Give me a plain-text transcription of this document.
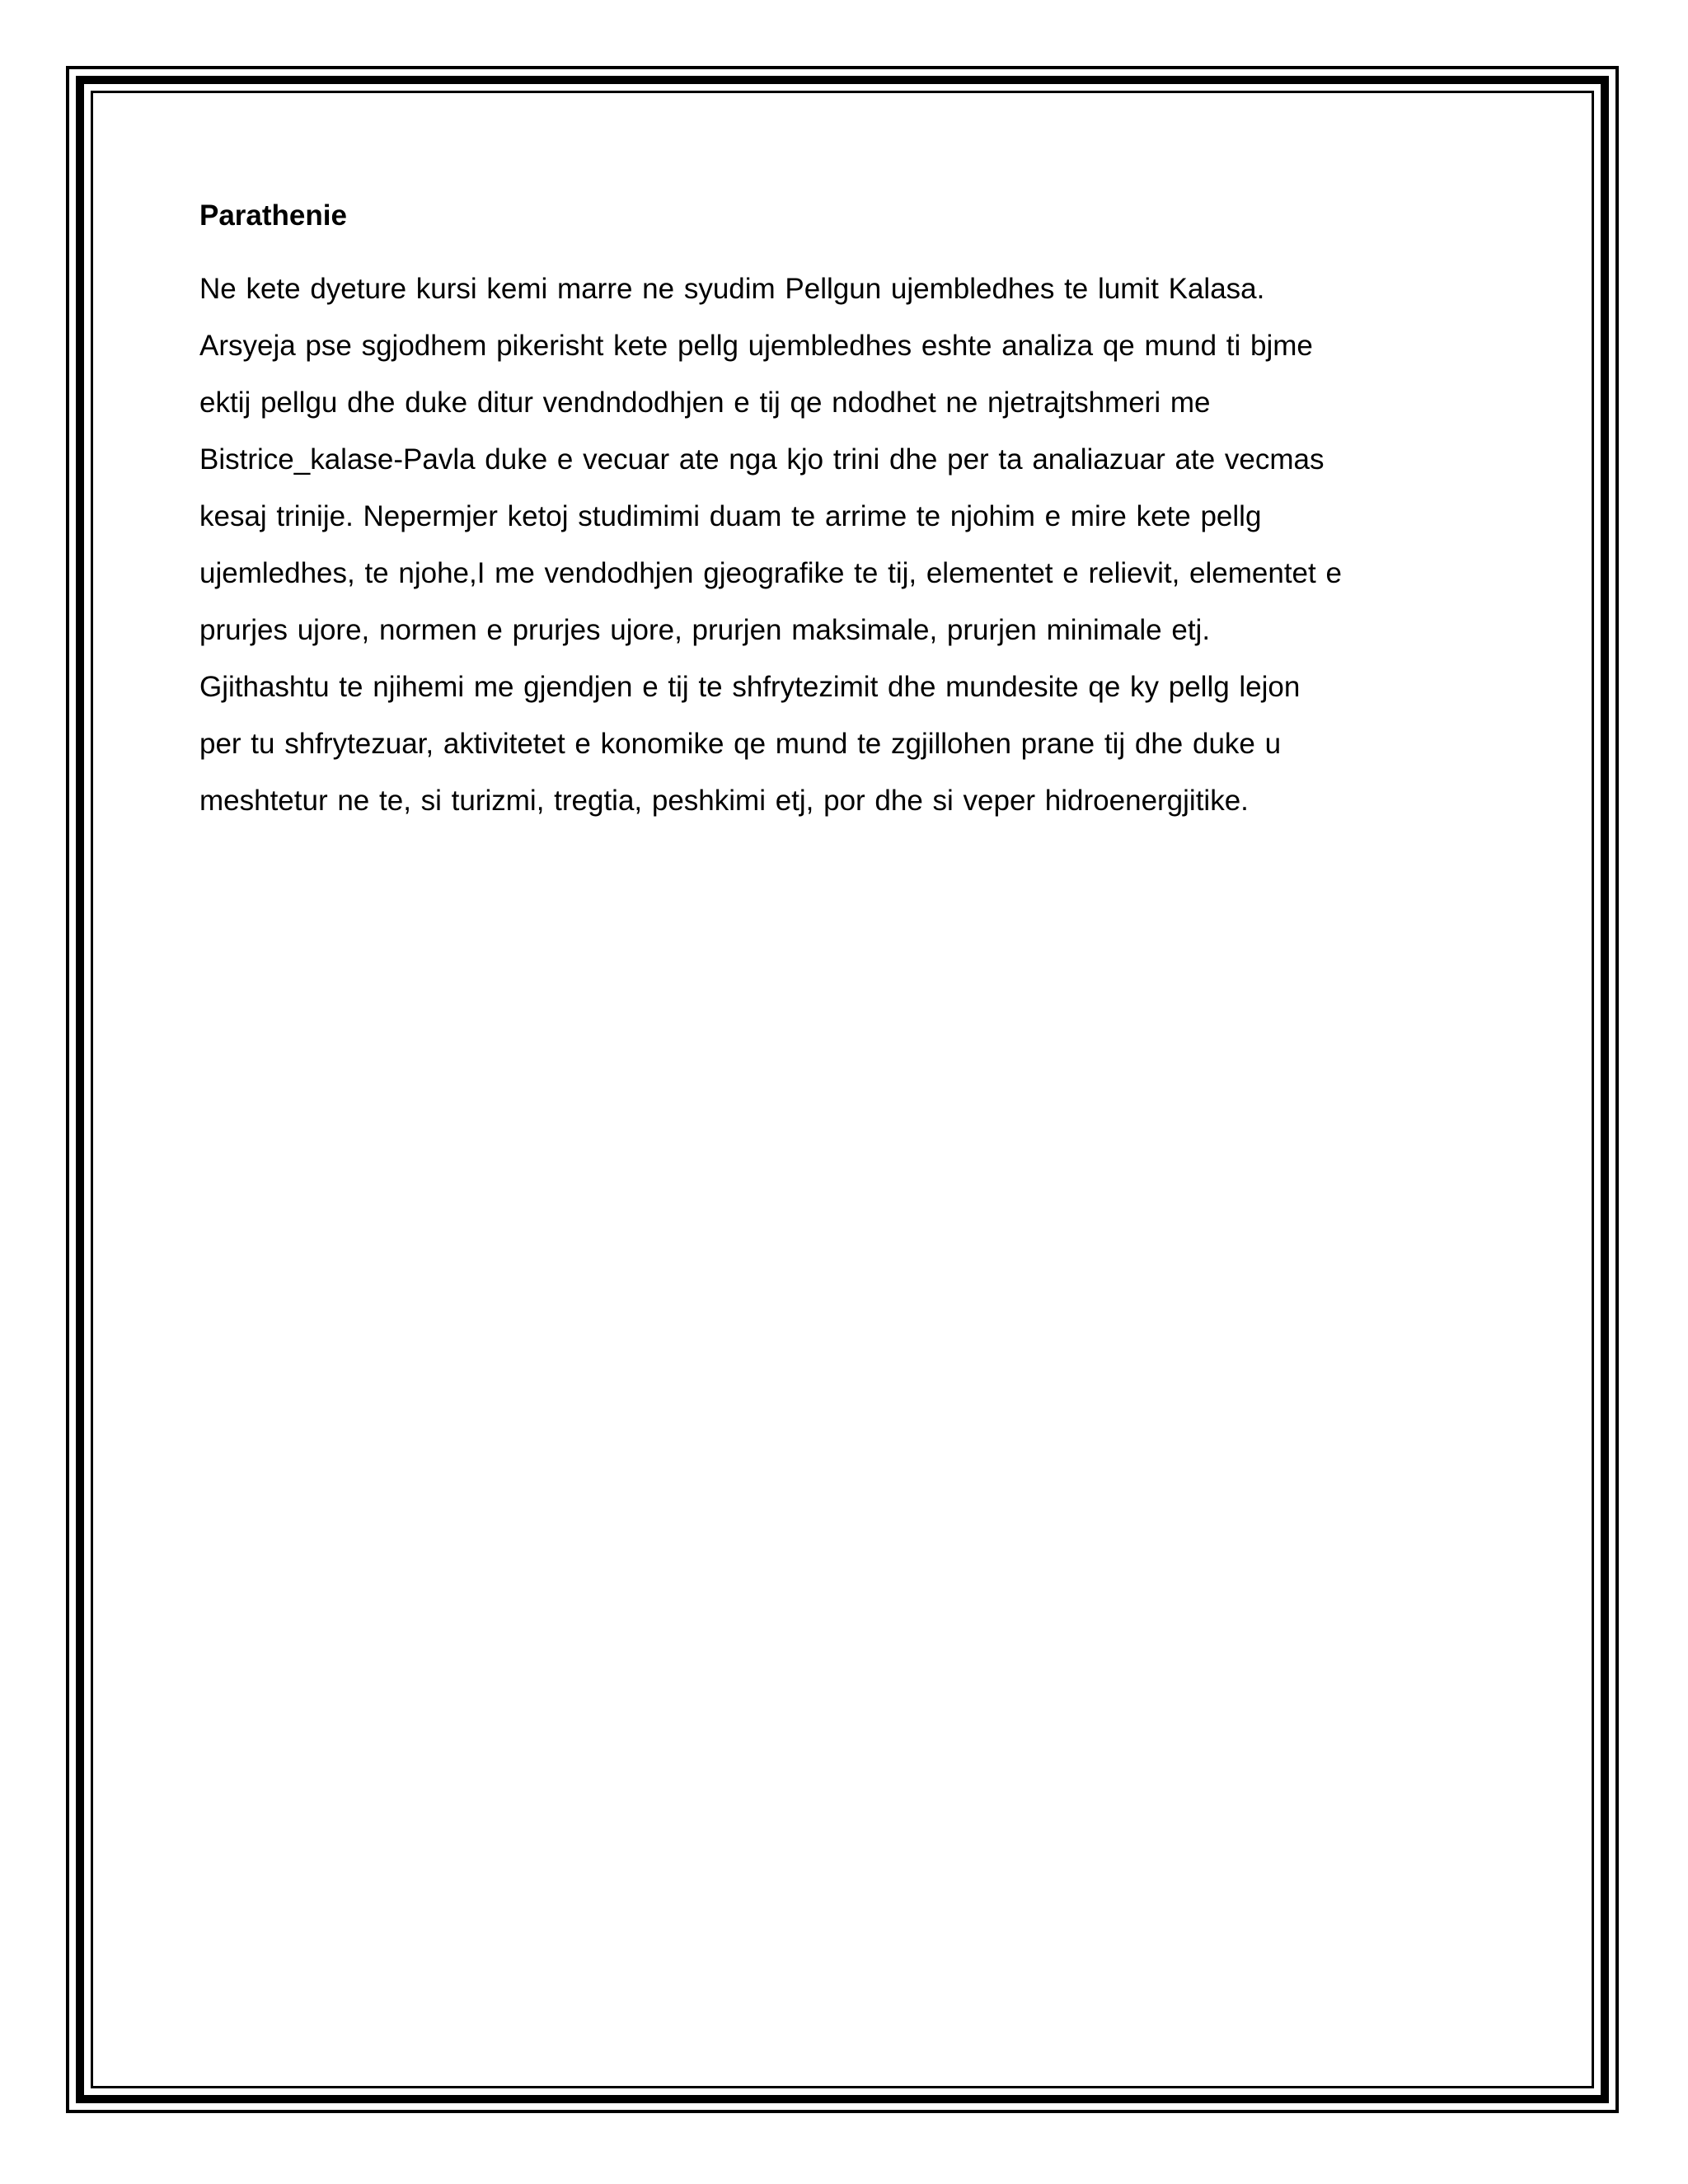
Parathenie
Ne kete dyeture kursi kemi marre ne syudim Pellgun ujembledhes te lumit Kalasa.
Arsyeja pse sgjodhem pikerisht kete pellg ujembledhes eshte analiza qe mund ti bjme
ektij pellgu dhe duke ditur vendndodhjen e tij qe ndodhet ne njetrajtshmeri me
Bistrice_kalase-Pavla duke e vecuar ate nga kjo trini dhe per ta analiazuar ate vecmas
kesaj trinije. Nepermjer ketoj studimimi duam te arrime te njohim e mire kete pellg
ujemledhes, te njohe,I me vendodhjen gjeografike te tij, elementet e relievit, elementet e
prurjes ujore, normen e prurjes ujore, prurjen maksimale, prurjen minimale etj.
Gjithashtu te njihemi me gjendjen e tij te shfrytezimit dhe mundesite qe ky pellg lejon
per tu shfrytezuar, aktivitetet e konomike qe mund te zgjillohen prane tij dhe duke u
meshtetur ne te, si turizmi, tregtia, peshkimi etj, por dhe si veper hidroenergjitike.
